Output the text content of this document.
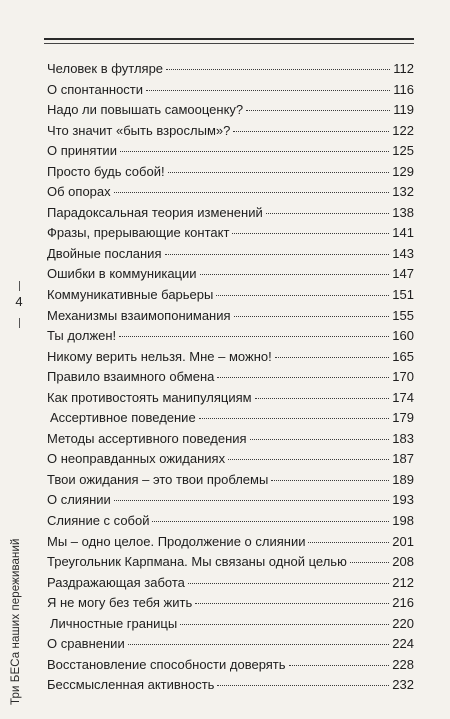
4
Три БЕСа наших переживаний
Человек в футляре	112
О спонтанности	116
Надо ли повышать самооценку?	119
Что значит «быть взрослым»?	122
О принятии	125
Просто будь собой!	129
Об опорах	132
Парадоксальная теория изменений	138
Фразы, прерывающие контакт	141
Двойные послания	143
Ошибки в коммуникации	147
Коммуникативные барьеры	151
Механизмы взаимопонимания	155
Ты должен!	160
Никому верить нельзя. Мне – можно!	165
Правило взаимного обмена	170
Как противостоять манипуляциям	174
Ассертивное поведение	179
Методы ассертивного поведения	183
О неоправданных ожиданиях	187
Твои ожидания – это твои проблемы	189
О слиянии	193
Слияние с собой	198
Мы – одно целое. Продолжение о слиянии	201
Треугольник Карпмана. Мы связаны одной целью	208
Раздражающая забота	212
Я не могу без тебя жить	216
Личностные границы	220
О сравнении	224
Восстановление способности доверять	228
Бессмысленная активность	232
